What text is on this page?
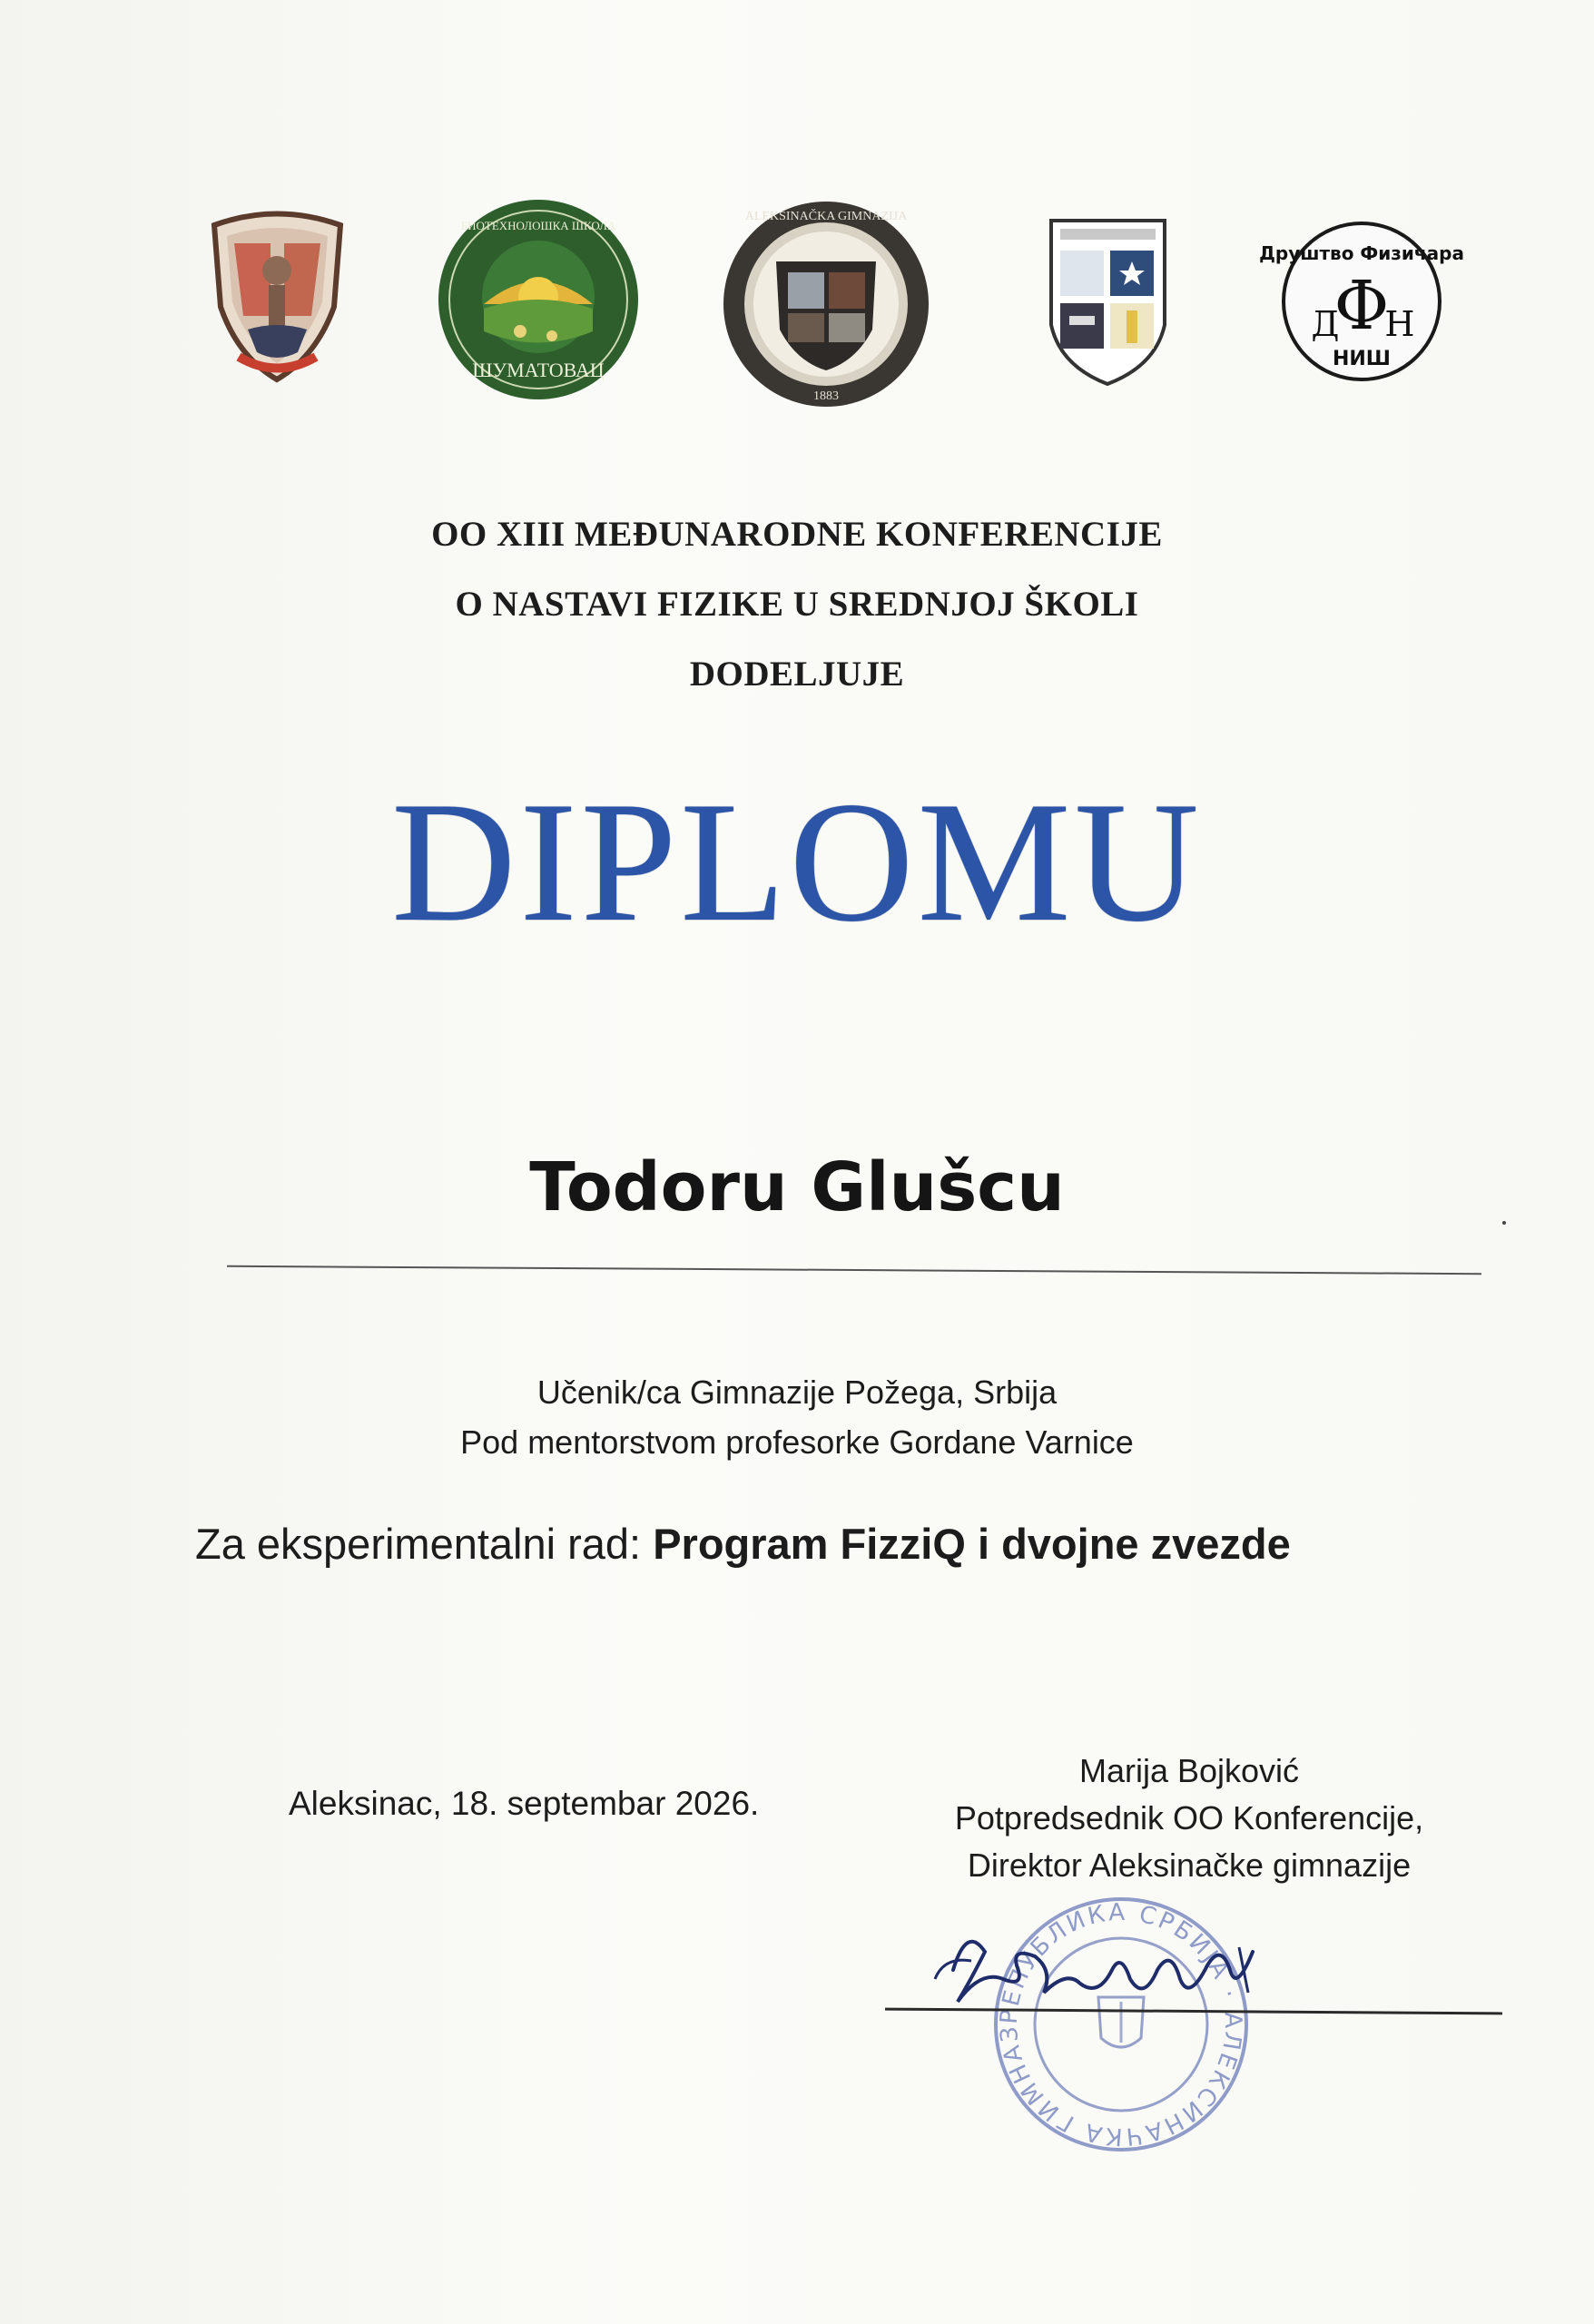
ШУМАТОВАЦ
БИОТЕХНОЛОШКА ШКОЛА
ALEKSINAČKA GIMNAZIJA
1883
Друштво Физичара
Φ
Д Н
НИШ
OO XIII MEĐUNARODNE KONFERENCIJE
O NASTAVI FIZIKE U SREDNJOJ ŠKOLI
DODELJUJE
DIPLOMU
Todoru Glušcu
Učenik/ca Gimnazije Požega, Srbija
Pod mentorstvom profesorke Gordane Varnice
Za eksperimentalni rad: Program FizziQ i dvojne zvezde
Aleksinac, 18. septembar 2026.
Marija Bojković
Potpredsednik OO Konferencije,
Direktor Aleksinačke gimnazije
РЕПУБЛИКА СРБИЈА · АЛЕКСИНАЧКА ГИМНАЗ
